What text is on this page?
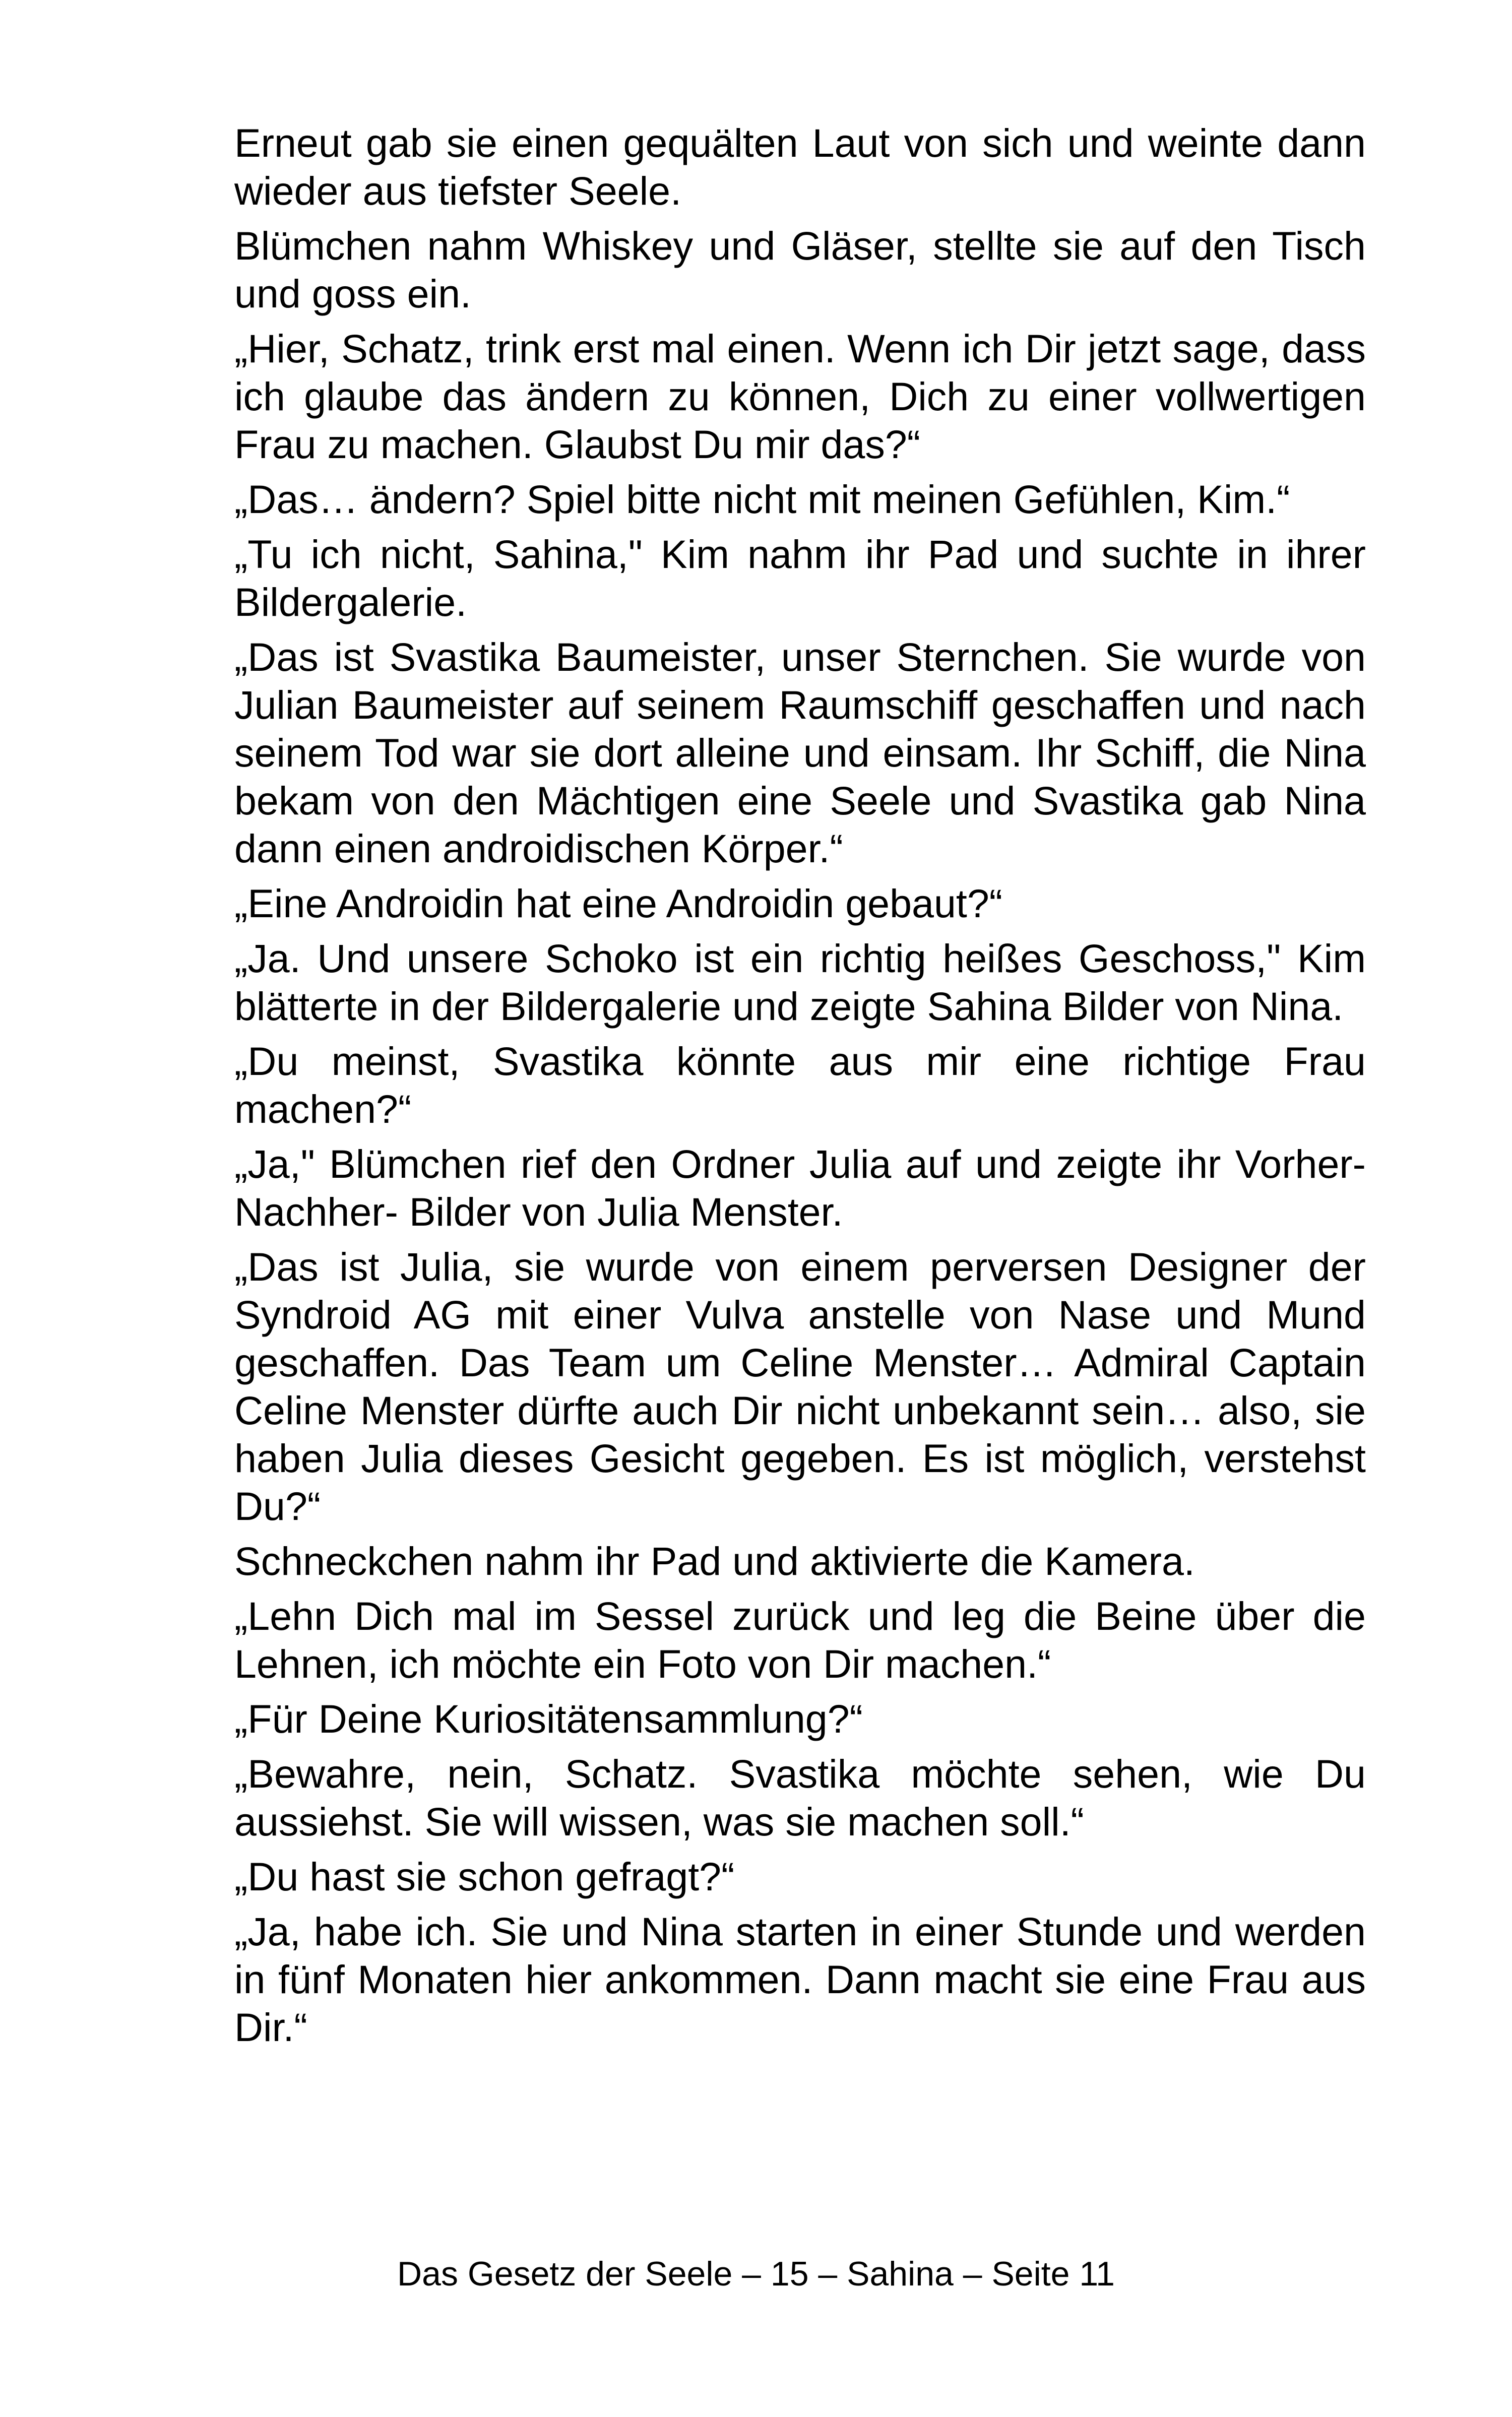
Erneut gab sie einen gequälten Laut von sich und weinte dann wieder aus tiefster Seele.

Blümchen nahm Whiskey und Gläser, stellte sie auf den Tisch und goss ein.

„Hier, Schatz, trink erst mal einen. Wenn ich Dir jetzt sage, dass ich glaube das ändern zu können, Dich zu einer vollwertigen Frau zu machen. Glaubst Du mir das?“

„Das… ändern? Spiel bitte nicht mit meinen Gefühlen, Kim.“

„Tu ich nicht, Sahina," Kim nahm ihr Pad und suchte in ihrer Bildergalerie.

„Das ist Svastika Baumeister, unser Sternchen. Sie wurde von Julian Baumeister auf seinem Raumschiff geschaffen und nach seinem Tod war sie dort alleine und einsam. Ihr Schiff, die Nina bekam von den Mächtigen eine Seele und Svastika gab Nina dann einen androidischen Körper.“

„Eine Androidin hat eine Androidin gebaut?“

„Ja. Und unsere Schoko ist ein richtig heißes Geschoss," Kim blätterte in der Bildergalerie und zeigte Sahina Bilder von Nina.

„Du meinst, Svastika könnte aus mir eine richtige Frau machen?“

„Ja," Blümchen rief den Ordner Julia auf und zeigte ihr Vorher- Nachher- Bilder von Julia Menster.

„Das ist Julia, sie wurde von einem perversen Designer der Syndroid AG mit einer Vulva anstelle von Nase und Mund geschaffen. Das Team um Celine Menster… Admiral Captain Celine Menster dürfte auch Dir nicht unbekannt sein… also, sie haben Julia dieses Gesicht gegeben. Es ist möglich, verstehst Du?“

Schneckchen nahm ihr Pad und aktivierte die Kamera.

„Lehn Dich mal im Sessel zurück und leg die Beine über die Lehnen, ich möchte ein Foto von Dir machen.“

„Für Deine Kuriositätensammlung?“

„Bewahre, nein, Schatz. Svastika möchte sehen, wie Du aussiehst. Sie will wissen, was sie machen soll.“

„Du hast sie schon gefragt?“

„Ja, habe ich. Sie und Nina starten in einer Stunde und werden in fünf Monaten hier ankommen. Dann macht sie eine Frau aus Dir.“

Das Gesetz der Seele – 15 – Sahina – Seite 11
